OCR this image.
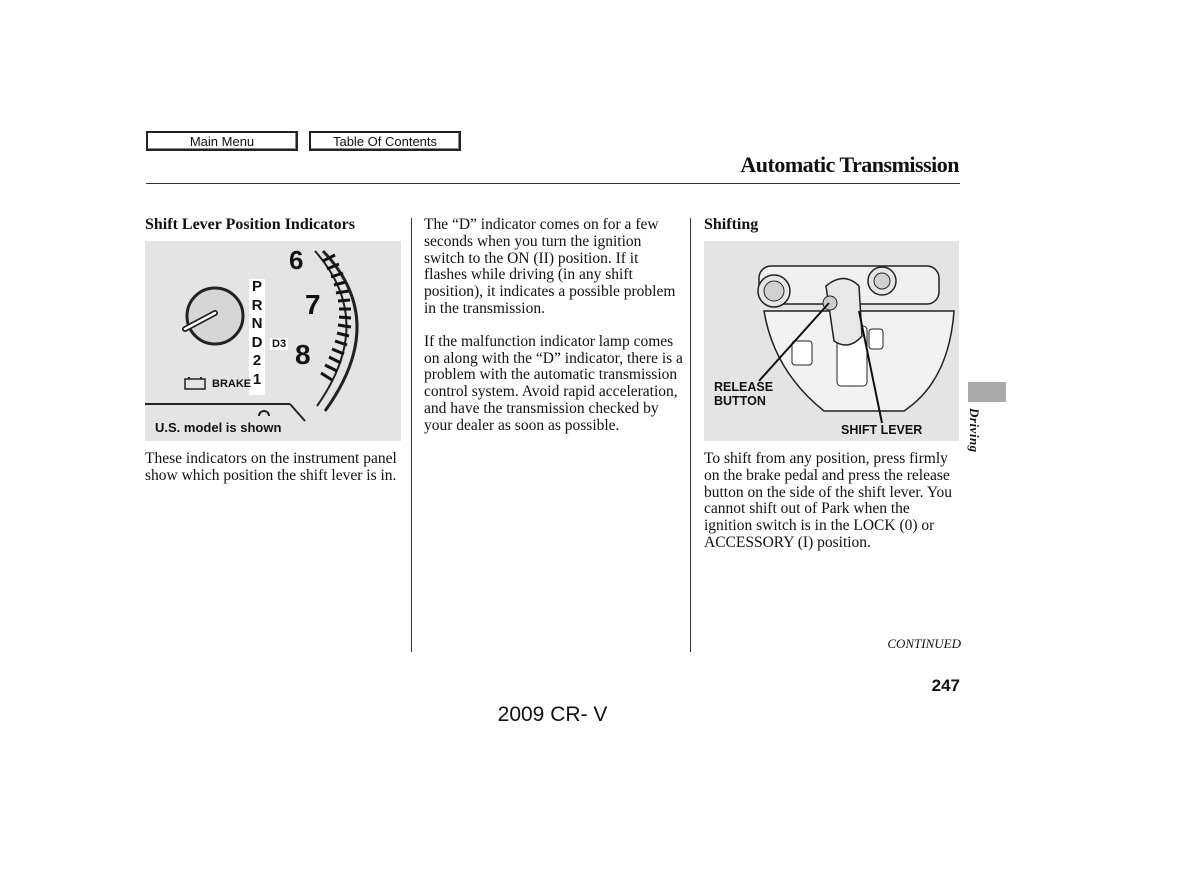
Main Menu	Table Of Contents
Automatic Transmission
Shift Lever Position Indicators
P
R
N
D
2
1
D3
BRAKE
6
7
8
U.S. model is shown

These indicators on the instrument panel show which position the shift lever is in.

The “D” indicator comes on for a few seconds when you turn the ignition switch to the ON (II) position. If it flashes while driving (in any shift position), it indicates a possible problem in the transmission.

If the malfunction indicator lamp comes on along with the “D” indicator, there is a problem with the automatic transmission control system. Avoid rapid acceleration, and have the transmission checked by your dealer as soon as possible.

Shifting
RELEASE
BUTTON
SHIFT LEVER

To shift from any position, press firmly on the brake pedal and press the release button on the side of the shift lever. You cannot shift out of Park when the ignition switch is in the LOCK (0) or ACCESSORY (I) position.

Driving
CONTINUED
247
2009 CR- V
